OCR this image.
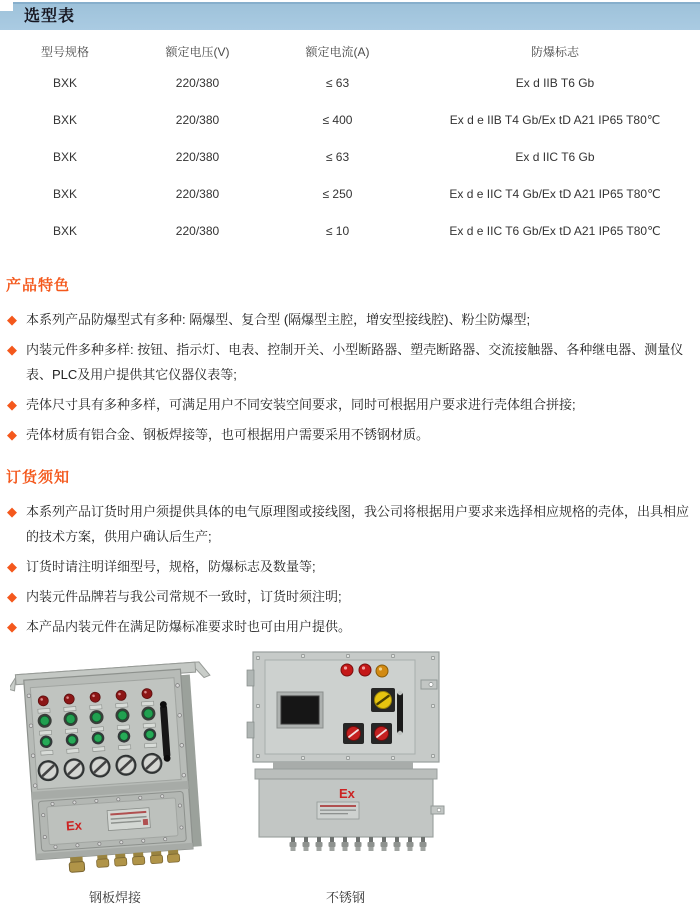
选型表
型号规格	额定电压(V)	额定电流(A)	防爆标志
BXK	220/380	≤ 63	Ex d IIB T6 Gb
BXK	220/380	≤ 400	Ex d e IIB T4 Gb/Ex tD A21 IP65 T80℃
BXK	220/380	≤ 63	Ex d IIC T6 Gb
BXK	220/380	≤ 250	Ex d e IIC T4 Gb/Ex tD A21 IP65 T80℃
BXK	220/380	≤ 10	Ex d e IIC T6 Gb/Ex tD A21 IP65 T80℃
产品特色
◆ 本系列产品防爆型式有多种: 隔爆型、复合型 (隔爆型主腔，增安型接线腔)、粉尘防爆型;
◆ 内装元件多种多样: 按钮、指示灯、电表、控制开关、小型断路器、塑壳断路器、交流接触器、各种继电器、测量仪表、PLC及用户提供其它仪器仪表等;
◆ 壳体尺寸具有多种多样，可满足用户不同安装空间要求，同时可根据用户要求进行壳体组合拼接;
◆ 壳体材质有铝合金、钢板焊接等，也可根据用户需要采用不锈钢材质。
订货须知
◆ 本系列产品订货时用户须提供具体的电气原理图或接线图，我公司将根据用户要求来选择相应规格的壳体，出具相应的技术方案，供用户确认后生产;
◆ 订货时请注明详细型号，规格，防爆标志及数量等;
◆ 内装元件品牌若与我公司常规不一致时，订货时须注明;
◆ 本产品内装元件在满足防爆标准要求时也可由用户提供。
Ex
Ex
钢板焊接	不锈钢
